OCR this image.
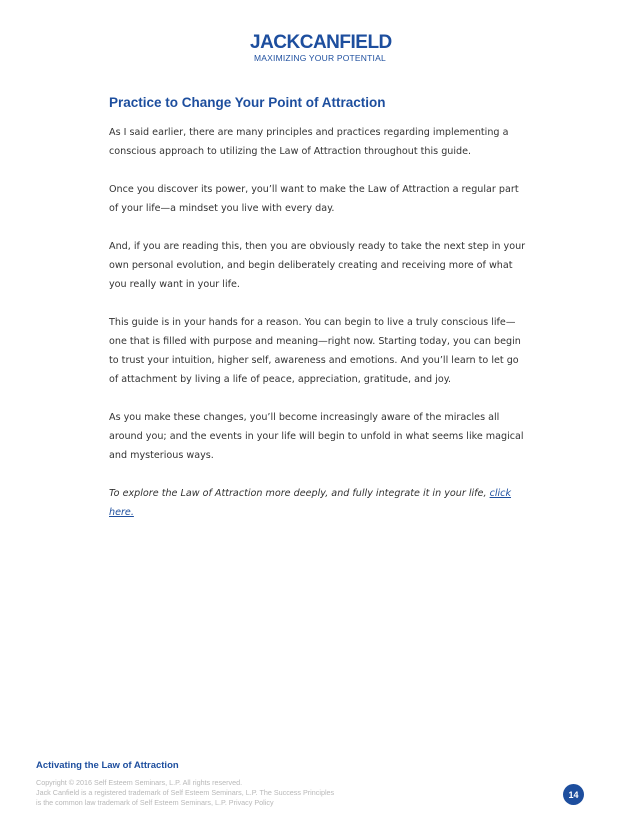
JACKCANFIELD
MAXIMIZING YOUR POTENTIAL
Practice to Change Your Point of Attraction

As I said earlier, there are many principles and practices regarding implementing a conscious approach to utilizing the Law of Attraction throughout this guide.

Once you discover its power, you’ll want to make the Law of Attraction a regular part of your life—a mindset you live with every day.

And, if you are reading this, then you are obviously ready to take the next step in your own personal evolution, and begin deliberately creating and receiving more of what you really want in your life.

This guide is in your hands for a reason. You can begin to live a truly conscious life—one that is filled with purpose and meaning—right now. Starting today, you can begin to trust your intuition, higher self, awareness and emotions. And you’ll learn to let go of attachment by living a life of peace, appreciation, gratitude, and joy.

As you make these changes, you’ll become increasingly aware of the miracles all around you; and the events in your life will begin to unfold in what seems like magical and mysterious ways.

To explore the Law of Attraction more deeply, and fully integrate it in your life, click here.

Activating the Law of Attraction
Copyright © 2016 Self Esteem Seminars, L.P. All rights reserved.
Jack Canfield is a registered trademark of Self Esteem Seminars, L.P. The Success Principles
is the common law trademark of Self Esteem Seminars, L.P. Privacy Policy
14
